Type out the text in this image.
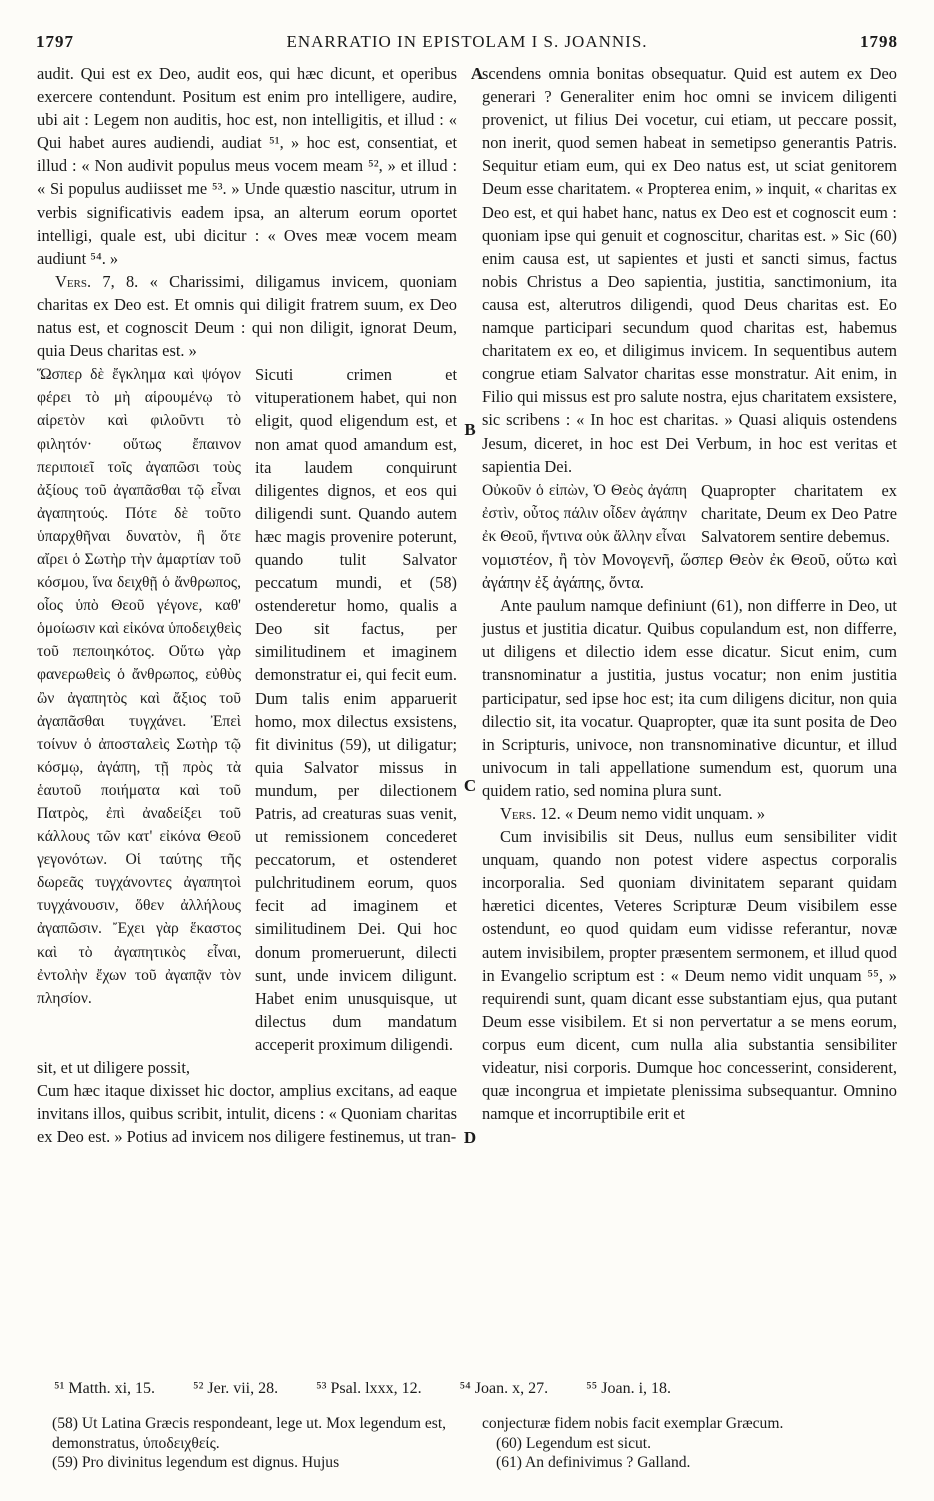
1797	ENARRATIO IN EPISTOLAM I S. JOANNIS.	1798

audit. Qui est ex Deo, audit eos, qui hæc dicunt, et operibus exercere contendunt. Positum est enim pro intelligere, audire, ubi ait : Legem non auditis, hoc est, non intelligitis, et illud : « Qui habet aures audiendi, audiat ⁵¹, » hoc est, consentiat, et illud : « Non audivit populus meus vocem meam ⁵², » et illud : « Si populus audiisset me ⁵³. » Unde quæstio nascitur, utrum in verbis significativis eadem ipsa, an alterum eorum oportet intelligi, quale est, ubi dicitur : « Oves meæ vocem meam audiunt ⁵⁴. »

Vers. 7, 8. « Charissimi, diligamus invicem, quoniam charitas ex Deo est. Et omnis qui diligit fratrem suum, ex Deo natus est, et cognoscit Deum : qui non diligit, ignorat Deum, quia Deus charitas est. »

Ὥσπερ δὲ ἔγκλημα καὶ ψόγον φέρει τὸ μὴ αἱρουμένῳ τὸ αἱρετὸν καὶ φιλοῦντι τὸ φιλητόν· οὕτως ἔπαινον περιποιεῖ τοῖς ἀγαπῶσι τοὺς ἀξίους τοῦ ἀγαπᾶσθαι τῷ εἶναι ἀγαπητούς. Πότε δὲ τοῦτο ὑπαρχθῆναι δυνατὸν, ἢ ὅτε αἴρει ὁ Σωτὴρ τὴν ἁμαρτίαν τοῦ κόσμου, ἵνα δειχθῇ ὁ ἄνθρωπος, οἷος ὑπὸ Θεοῦ γέγονε, καθ' ὁμοίωσιν καὶ εἰκόνα ὑποδειχθεὶς τοῦ πεποιηκότος. Οὕτω γὰρ φανερωθεὶς ὁ ἄνθρωπος, εὐθὺς ὢν ἀγαπητὸς καὶ ἄξιος τοῦ ἀγαπᾶσθαι τυγχάνει. Ἐπεὶ τοίνυν ὁ ἀποσταλεὶς Σωτὴρ τῷ κόσμῳ, ἀγάπη, τῇ πρὸς τὰ ἑαυτοῦ ποιήματα καὶ τοῦ Πατρὸς, ἐπὶ ἀναδείξει τοῦ κάλλους τῶν κατ' εἰκόνα Θεοῦ γεγονότων. Οἱ ταύτης τῆς δωρεᾶς τυγχάνοντες ἀγαπητοὶ τυγχάνουσιν, ὅθεν ἀλλήλους ἀγαπῶσιν. Ἔχει γὰρ ἕκαστος καὶ τὸ ἀγαπητικὸς εἶναι, ἐντολὴν ἔχων τοῦ ἀγαπᾷν τὸν πλησίον.
Sicuti crimen et vituperationem habet, qui non eligit, quod eligendum est, et non amat quod amandum est, ita laudem conquirunt diligentes dignos, et eos qui diligendi sunt. Quando autem hæc magis provenire poterunt, quando tulit Salvator peccatum mundi, et (58) ostenderetur homo, qualis a Deo sit factus, per similitudinem et imaginem demonstratur ei, qui fecit eum. Dum talis enim apparuerit homo, mox dilectus exsistens, fit divinitus (59), ut diligatur; quia Salvator missus in mundum, per dilectionem Patris, ad creaturas suas venit, ut remissionem concederet peccatorum, et ostenderet pulchritudinem eorum, quos fecit ad imaginem et similitudinem Dei. Qui hoc donum promeruerunt, dilecti sunt, unde invicem diligunt. Habet enim unusquisque, ut dilectus dum mandatum acceperit proximum diligendi.

sit, et ut diligere possit,

Cum hæc itaque dixisset hic doctor, amplius excitans, ad eaque invitans illos, quibus scribit, intulit, dicens : « Quoniam charitas ex Deo est. » Potius ad invicem nos diligere festinemus, ut tran-

A
B
C
D

scendens omnia bonitas obsequatur. Quid est autem ex Deo generari ? Generaliter enim hoc omni se invicem diligenti provenict, ut filius Dei vocetur, cui etiam, ut peccare possit, non inerit, quod semen habeat in semetipso generantis Patris. Sequitur etiam eum, qui ex Deo natus est, ut sciat genitorem Deum esse charitatem. « Propterea enim, » inquit, « charitas ex Deo est, et qui habet hanc, natus ex Deo est et cognoscit eum : quoniam ipse qui genuit et cognoscitur, charitas est. » Sic (60) enim causa est, ut sapientes et justi et sancti simus, factus nobis Christus a Deo sapientia, justitia, sanctimonium, ita causa est, alterutros diligendi, quod Deus charitas est. Eo namque participari secundum quod charitas est, habemus charitatem ex eo, et diligimus invicem. In sequentibus autem congrue etiam Salvator charitas esse monstratur. Ait enim, in Filio qui missus est pro salute nostra, ejus charitatem exsistere, sic scribens : « In hoc est charitas. » Quasi aliquis ostendens Jesum, diceret, in hoc est Dei Verbum, in hoc est veritas et sapientia Dei.

Οὐκοῦν ὁ εἰπὼν, Ὁ Θεὸς ἀγάπη ἐστὶν, οὗτος πάλιν οἶδεν ἀγάπην ἐκ Θεοῦ, ἥντινα οὐκ ἄλλην εἶναι
Quapropter charitatem ex charitate, Deum ex Deo Patre Salvatorem sentire debemus.

νομιστέον, ἢ τὸν Μονογενῆ, ὥσπερ Θεὸν ἐκ Θεοῦ, οὕτω καὶ ἀγάπην ἐξ ἀγάπης, ὄντα.

Ante paulum namque definiunt (61), non differre in Deo, ut justus et justitia dicatur. Quibus copulandum est, non differre, ut diligens et dilectio idem esse dicatur. Sicut enim, cum transnominatur a justitia, justus vocatur; non enim justitia participatur, sed ipse hoc est; ita cum diligens dicitur, non quia dilectio sit, ita vocatur. Quapropter, quæ ita sunt posita de Deo in Scripturis, univoce, non transnominative dicuntur, et illud univocum in tali appellatione sumendum est, quorum una quidem ratio, sed nomina plura sunt.

Vers. 12. « Deum nemo vidit unquam. »

Cum invisibilis sit Deus, nullus eum sensibiliter vidit unquam, quando non potest videre aspectus corporalis incorporalia. Sed quoniam divinitatem separant quidam hæretici dicentes, Veteres Scripturæ Deum visibilem esse ostendunt, eo quod quidam eum vidisse referantur, novæ autem invisibilem, propter præsentem sermonem, et illud quod in Evangelio scriptum est : « Deum nemo vidit unquam ⁵⁵, » requirendi sunt, quam dicant esse substantiam ejus, qua putant Deum esse visibilem. Et si non pervertatur a se mens eorum, corpus eum dicent, cum nulla alia substantia sensibiliter videatur, nisi corporis. Dumque hoc concesserint, considerent, quæ incongrua et impietate plenissima subsequantur. Omnino namque et incorruptibile erit et

⁵¹ Matth. xi, 15. ⁵² Jer. vii, 28. ⁵³ Psal. lxxx, 12. ⁵⁴ Joan. x, 27. ⁵⁵ Joan. i, 18.

(58) Ut Latina Græcis respondeant, lege ut. Mox legendum est, demonstratus, ὑποδειχθείς.

(59) Pro divinitus legendum est dignus. Hujus

conjecturæ fidem nobis facit exemplar Græcum.

(60) Legendum est sicut.

(61) An definivimus ? Galland.
